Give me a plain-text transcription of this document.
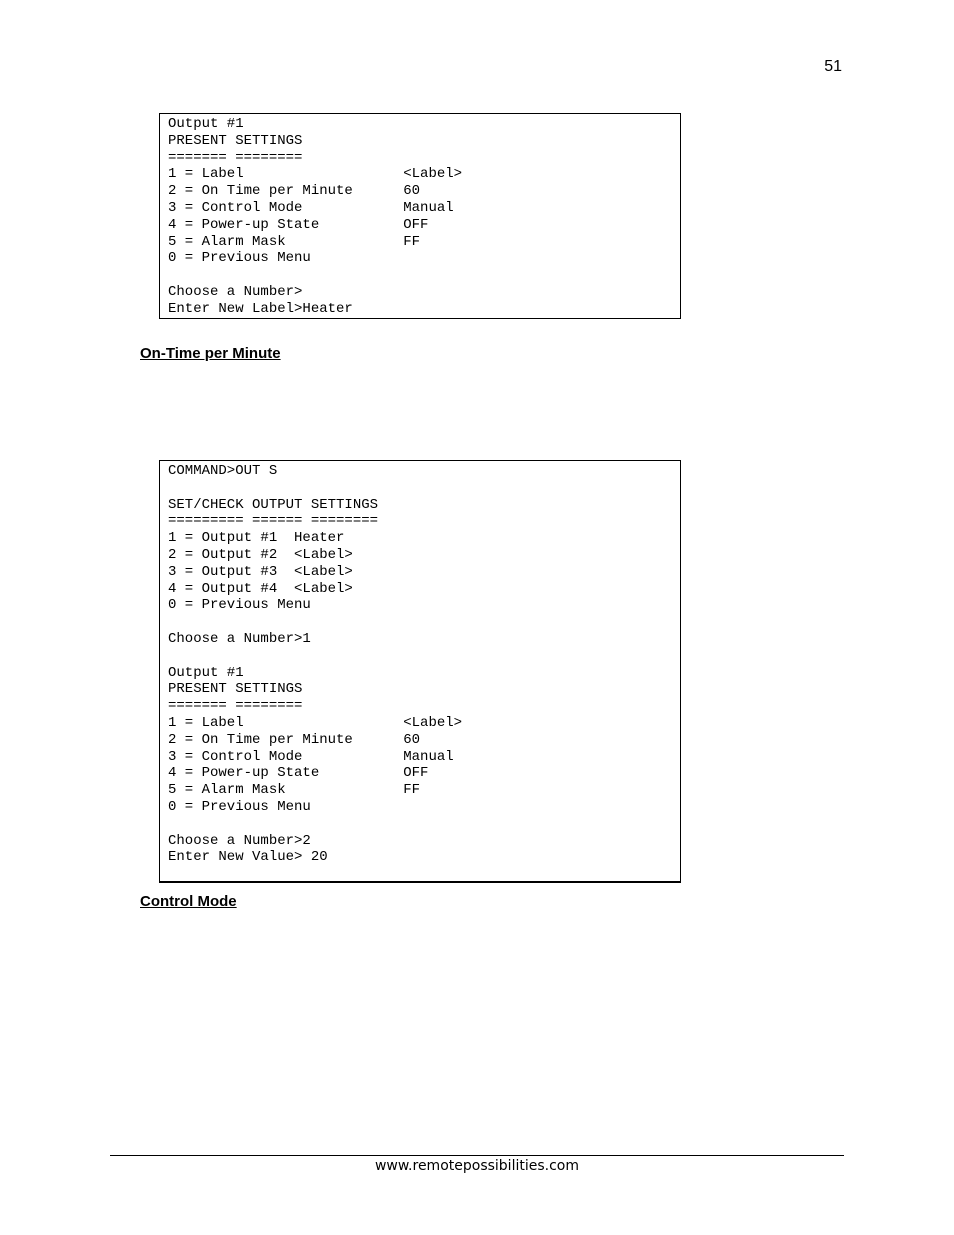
51
Output #1
PRESENT SETTINGS
======= ========
1 = Label                   <Label>
2 = On Time per Minute      60
3 = Control Mode            Manual
4 = Power-up State          OFF
5 = Alarm Mask              FF
0 = Previous Menu
Choose a Number>
Enter New Label>Heater
On-Time per Minute
COMMAND>OUT S
SET/CHECK OUTPUT SETTINGS
========= ====== ========
1 = Output #1  Heater
2 = Output #2  <Label>
3 = Output #3  <Label>
4 = Output #4  <Label>
0 = Previous Menu
Choose a Number>1
Output #1
PRESENT SETTINGS
======= ========
1 = Label                   <Label>
2 = On Time per Minute      60
3 = Control Mode            Manual
4 = Power-up State          OFF
5 = Alarm Mask              FF
0 = Previous Menu
Choose a Number>2
Enter New Value> 20
Control Mode
www.remotepossibilities.com
